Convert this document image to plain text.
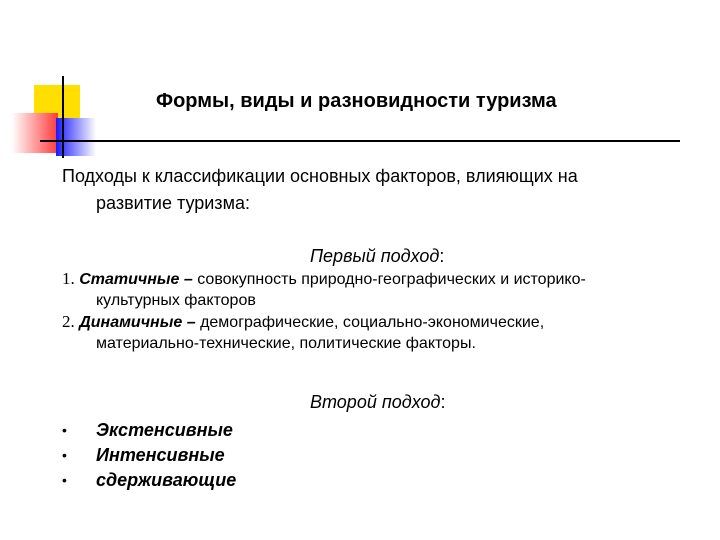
Формы, виды и разновидности туризма
Подходы к классификации основных факторов, влияющих на
развитие туризма:
Первый подход:
1. Статичные – совокупность природно-географических и историко-
культурных факторов
2. Динамичные – демографические, социально-экономические,
материально-технические, политические факторы.
Второй подход:
•	Экстенсивные
•	Интенсивные
•	сдерживающие
